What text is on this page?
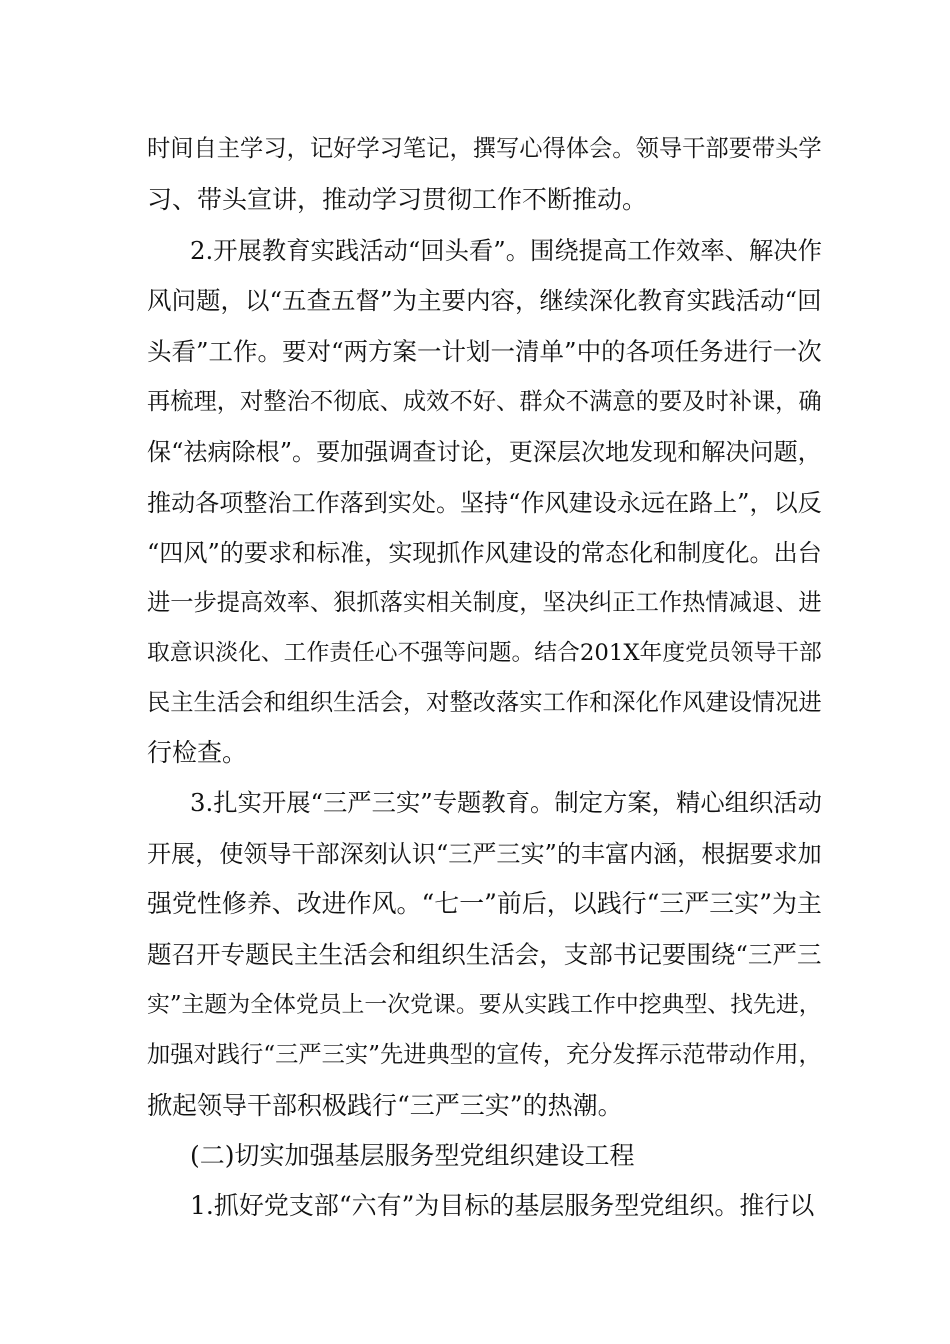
时间自主学习，记好学习笔记，撰写心得体会。领导干部要带头学
习、带头宣讲，推动学习贯彻工作不断推动。
2.开展教育实践活动“回头看”。围绕提高工作效率、解决作
风问题，以“五查五督”为主要内容，继续深化教育实践活动“回
头看”工作。要对“两方案一计划一清单”中的各项任务进行一次
再梳理，对整治不彻底、成效不好、群众不满意的要及时补课，确
保“祛病除根”。要加强调查讨论，更深层次地发现和解决问题，
推动各项整治工作落到实处。坚持“作风建设永远在路上”，以反
“四风”的要求和标准，实现抓作风建设的常态化和制度化。出台
进一步提高效率、狠抓落实相关制度，坚决纠正工作热情减退、进
取意识淡化、工作责任心不强等问题。结合201X年度党员领导干部
民主生活会和组织生活会，对整改落实工作和深化作风建设情况进
行检查。
3.扎实开展“三严三实”专题教育。制定方案，精心组织活动
开展，使领导干部深刻认识“三严三实”的丰富内涵，根据要求加
强党性修养、改进作风。“七一”前后，以践行“三严三实”为主
题召开专题民主生活会和组织生活会，支部书记要围绕“三严三
实”主题为全体党员上一次党课。要从实践工作中挖典型、找先进，
加强对践行“三严三实”先进典型的宣传，充分发挥示范带动作用，
掀起领导干部积极践行“三严三实”的热潮。
(二)切实加强基层服务型党组织建设工程
1.抓好党支部“六有”为目标的基层服务型党组织。推行以
